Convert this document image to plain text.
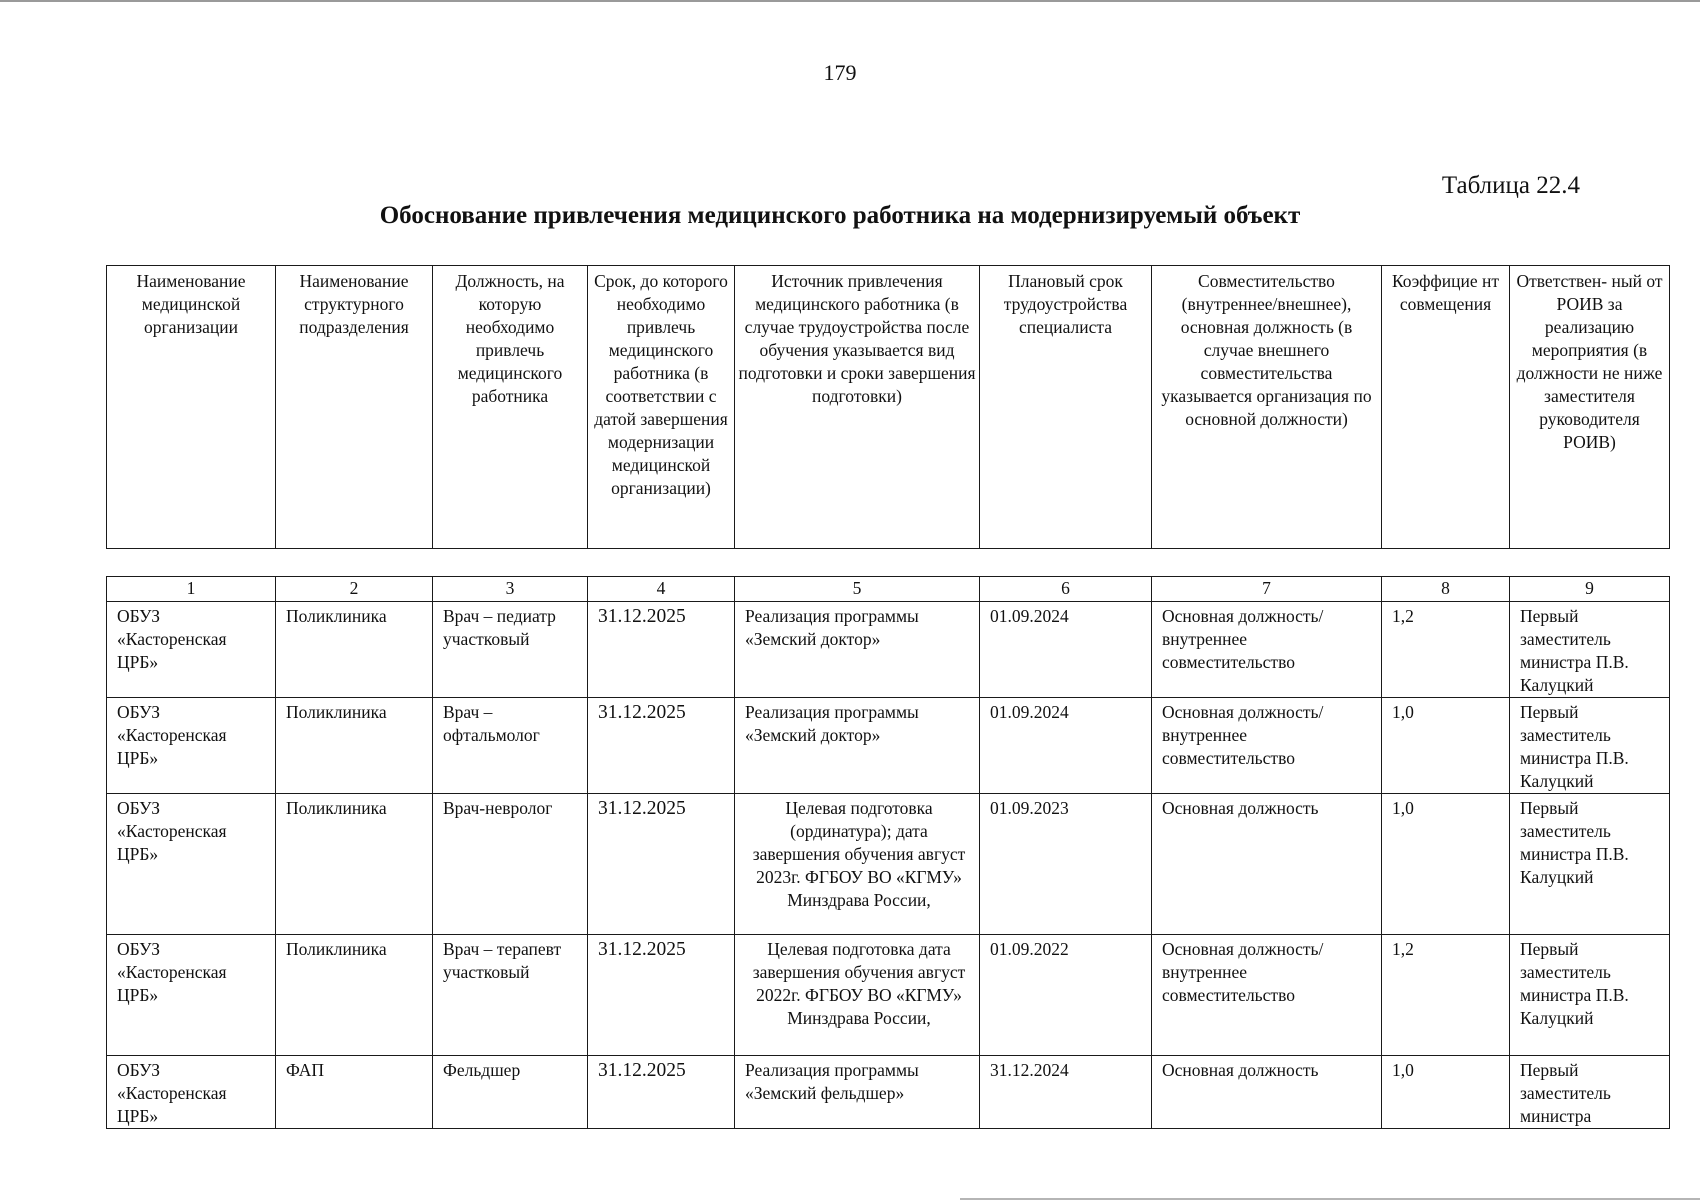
179
Таблица 22.4
Обоснование привлечения медицинского работника на модернизируемый объект
Наименование медицинской организации	Наименование структурного подразделения	Должность, на которую необходимо привлечь медицинского работника	Срок, до которого необходимо привлечь медицинского работника (в соответствии с датой завершения модернизации медицинской организации)	Источник привлечения медицинского работника (в случае трудоустройства после обучения указывается вид подготовки и сроки завершения подготовки)	Плановый срок трудоустройства специалиста	Совместительство (внутреннее/внешнее), основная должность (в случае внешнего совместительства указывается организация по основной должности)	Коэффицие нт совмещения	Ответствен- ный от РОИВ за реализацию мероприятия (в должности не ниже заместителя руководителя РОИВ)
1	2	3	4	5	6	7	8	9
ОБУЗ «Касторенская ЦРБ»	Поликлиника	Врач – педиатр участковый	31.12.2025	Реализация программы «Земский доктор»	01.09.2024	Основная должность/внутреннее совместительство	1,2	Первый заместитель министра П.В. Калуцкий
ОБУЗ «Касторенская ЦРБ»	Поликлиника	Врач – офтальмолог	31.12.2025	Реализация программы «Земский доктор»	01.09.2024	Основная должность/внутреннее совместительство	1,0	Первый заместитель министра П.В. Калуцкий
ОБУЗ «Касторенская ЦРБ»	Поликлиника	Врач-невролог	31.12.2025	Целевая подготовка (ординатура); дата завершения обучения август 2023г. ФГБОУ ВО «КГМУ» Минздрава России,	01.09.2023	Основная должность	1,0	Первый заместитель министра П.В. Калуцкий
ОБУЗ «Касторенская ЦРБ»	Поликлиника	Врач – терапевт участковый	31.12.2025	Целевая подготовка дата завершения обучения август 2022г. ФГБОУ ВО «КГМУ» Минздрава России,	01.09.2022	Основная должность/внутреннее совместительство	1,2	Первый заместитель министра П.В. Калуцкий
ОБУЗ «Касторенская ЦРБ»	ФАП	Фельдшер	31.12.2025	Реализация программы «Земский фельдшер»	31.12.2024	Основная должность	1,0	Первый заместитель министра
